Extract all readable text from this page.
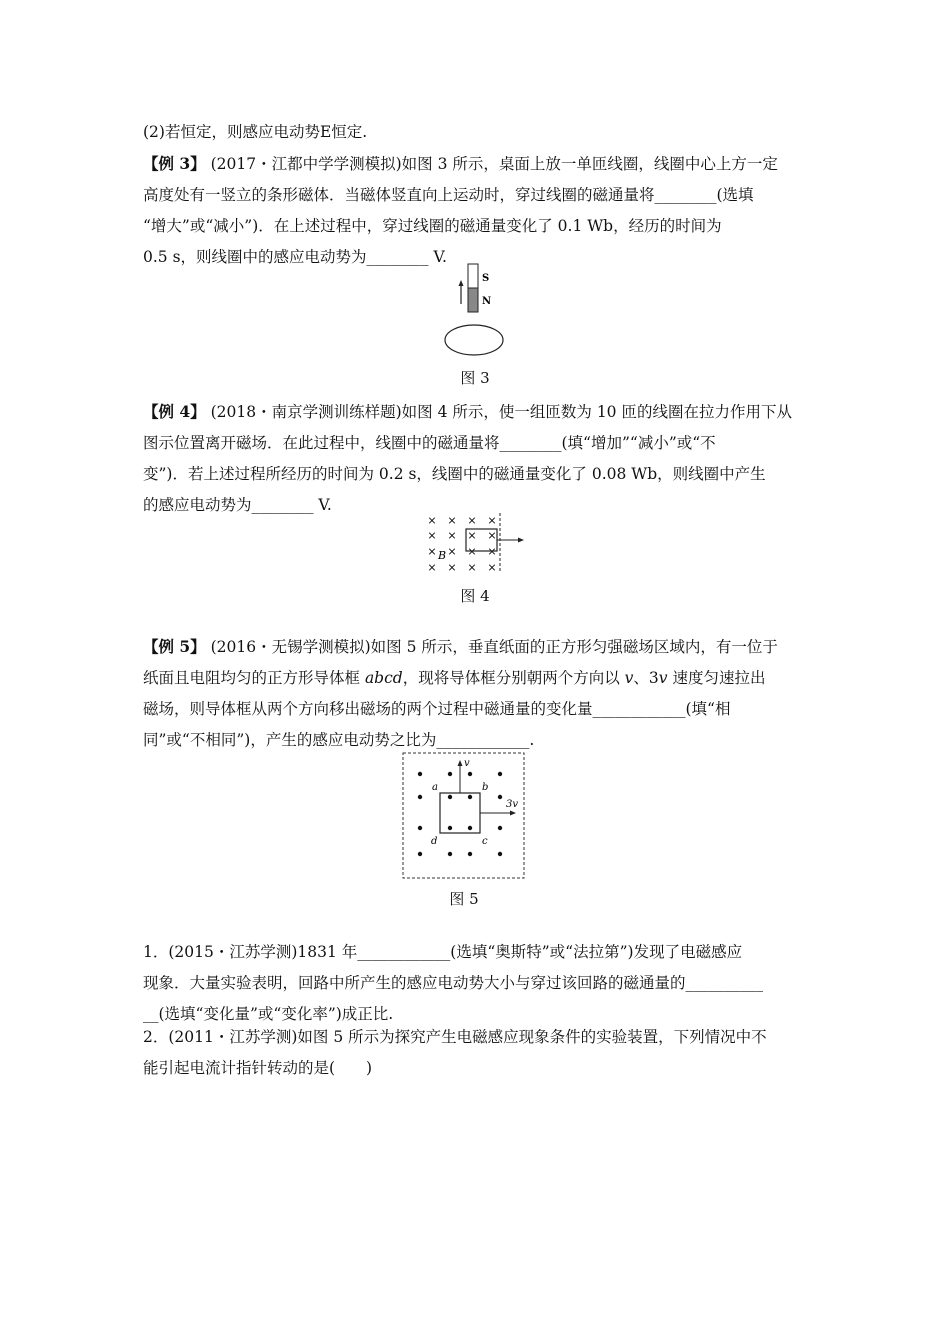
(2)若恒定，则感应电动势E恒定.
【例 3】 (2017・江都中学学测模拟)如图 3 所示，桌面上放一单匝线圈，线圈中心上方一定
高度处有一竖立的条形磁体．当磁体竖直向上运动时，穿过线圈的磁通量将________(选填
“增大”或“减小”)．在上述过程中，穿过线圈的磁通量变化了 0.1 Wb，经历的时间为
0.5 s，则线圈中的感应电动势为________ V.
S
N
图 3
【例 4】 (2018・南京学测训练样题)如图 4 所示，使一组匝数为 10 匝的线圈在拉力作用下从
图示位置离开磁场．在此过程中，线圈中的磁通量将________(填“增加”“减小”或“不
变”)．若上述过程所经历的时间为 0.2 s，线圈中的磁通量变化了 0.08 Wb，则线圈中产生
的感应电动势为________ V.
×
×
×
×
×
×
×
×
×
×
×
×
×
×
×
×
B
图 4
【例 5】 (2016・无锡学测模拟)如图 5 所示，垂直纸面的正方形匀强磁场区域内，有一位于
纸面且电阻均匀的正方形导体框 abcd，现将导体框分别朝两个方向以 v、3v 速度匀速拉出
磁场，则导体框从两个方向移出磁场的两个过程中磁通量的变化量____________(填“相
同”或“不相同”)，产生的感应电动势之比为____________.
v
3v
a	b
c
d
图 5
1．(2015・江苏学测)1831 年____________(选填“奥斯特”或“法拉第”)发现了电磁感应
现象．大量实验表明，回路中所产生的感应电动势大小与穿过该回路的磁通量的__________
__(选填“变化量”或“变化率”)成正比.
2．(2011・江苏学测)如图 5 所示为探究产生电磁感应现象条件的实验装置，下列情况中不
能引起电流计指针转动的是(　　)
